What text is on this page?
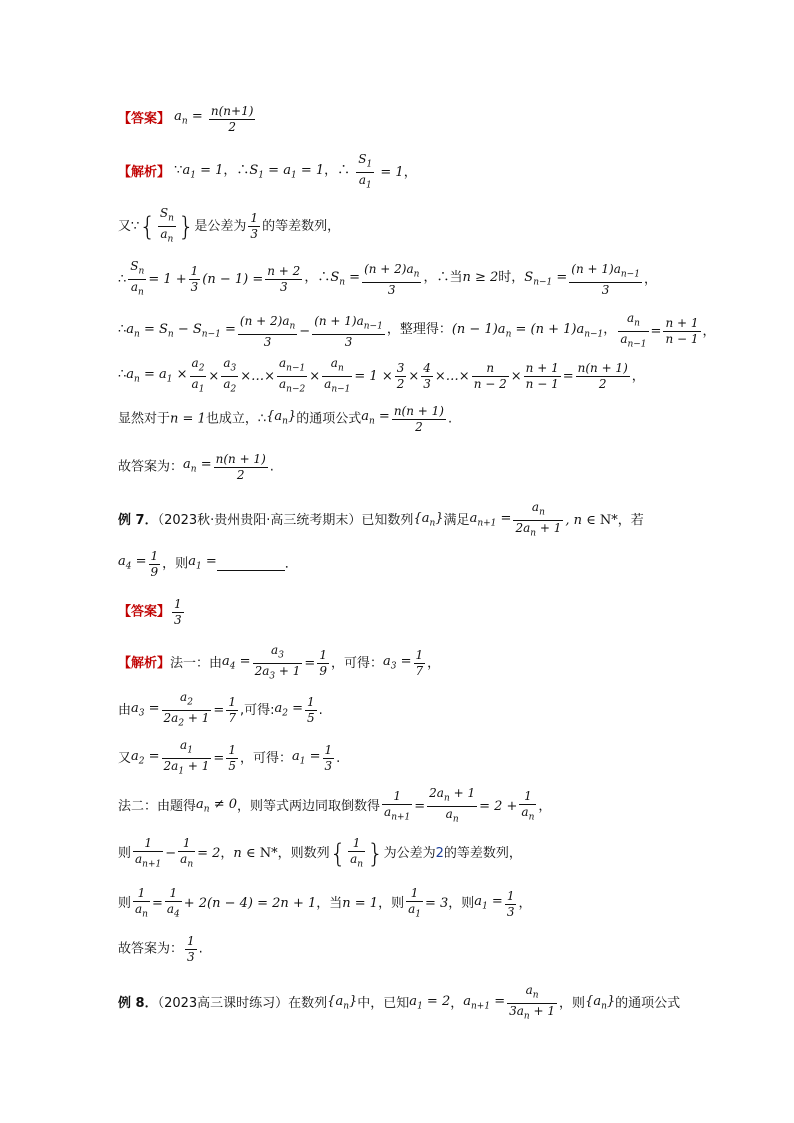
【答案】 $a_n = \frac{n(n+1)}{2}$
【解析】 $\because a_1 = 1$，$\therefore S_1 = a_1 = 1$，∴ $\frac{S_1}{a_1} = 1$，
又∵{ $\frac{S_n}{a_n}$ }是公差为 $\frac{1}{3}$ 的等差数列，
∴ $\frac{S_n}{a_n} = 1 + \frac{1}{3} (n - 1) = \frac{n + 2}{3}$ ，$\therefore S_n = \frac{(n + 2)a_n}{3}$ ，∴当n ≥ 2时，$S_{n-1} = \frac{(n + 1)a_{n-1}}{3}$ ，
$\therefore a_n = S_n - S_{n-1} = \frac{(n + 2)a_n}{3} - \frac{(n + 1)a_{n-1}}{3}$ ，整理得：$(n - 1)a_n = (n + 1)a_{n-1}$， $\frac{a_n}{a_{n-1}} = \frac{n + 1}{n - 1}$ ，
$\therefore a_n = a_1 \times \frac{a_2}{a_1} \times \frac{a_3}{a_2}$ ×…× $\frac{a_{n-1}}{a_{n-2}} \times \frac{a_n}{a_{n-1}} = 1 \times \frac{3}{2} \times \frac{4}{3}$ ×…× $\frac{n}{n - 2} \times \frac{n + 1}{n - 1} = \frac{n(n + 1)}{2}$ ，
显然对于n = 1也成立，$\therefore\{a_n\}$的通项公式$a_n = \frac{n(n + 1)}{2}$ .
故答案为：$a_n = \frac{n(n + 1)}{2}$ .
例 7．（2023秋·贵州贵阳·高三统考期末）已知数列$\{a_n\}$满足$a_{n+1} = \frac{a_n}{2a_n + 1}$ , n ∈ N*，若
$a_4 = \frac{1}{9}$ ，则$a_1$ =	．
【答案】 $\frac{1}{3}$
【解析】法一：由$a_4 = \frac{a_3}{2a_3 + 1} = \frac{1}{9}$ ，可得：$a_3 = \frac{1}{7}$ ，
由$a_3 = \frac{a_2}{2a_2 + 1} = \frac{1}{7}$ ,可得$:a_2 = \frac{1}{5}$ .
又$a_2 = \frac{a_1}{2a_1 + 1} = \frac{1}{5}$ ，可得：$a_1 = \frac{1}{3}$ .
法二：由题得$a_n \ne 0$，则等式两边同取倒数得 $\frac{1}{a_{n+1}} = \frac{2a_n + 1}{a_n} = 2 + \frac{1}{a_n}$ ，
则 $\frac{1}{a_{n+1}} - \frac{1}{a_n} = 2$，n ∈ N*，则数列{ $\frac{1}{a_n}$ }为公差为2的等差数列，
则 $\frac{1}{a_n} = \frac{1}{a_4} + 2(n - 4) = 2n + 1$，当n = 1，则 $\frac{1}{a_1} = 3$，则$a_1 = \frac{1}{3}$ ，
故答案为： $\frac{1}{3}$ .
例 8．（2023高三课时练习）在数列$\{a_n\}$中，已知$a_1 = 2$，$a_{n+1} = \frac{a_n}{3a_n + 1}$ ，则$\{a_n\}$的通项公式
